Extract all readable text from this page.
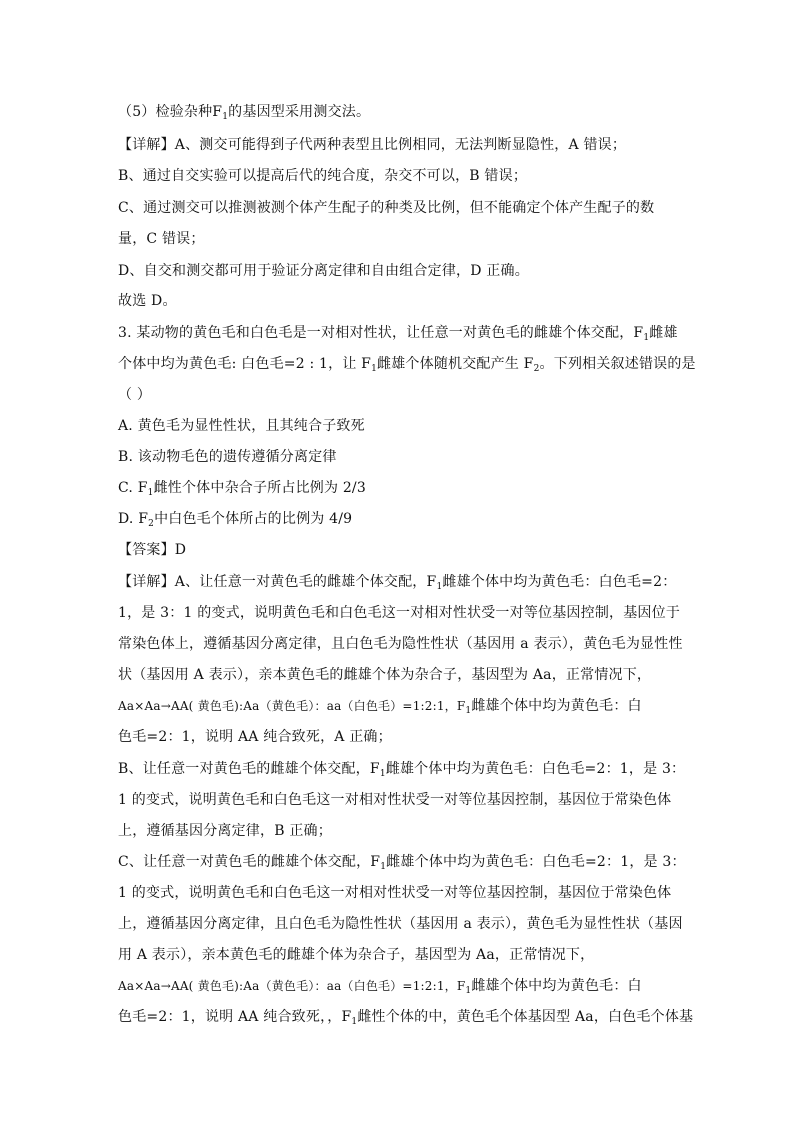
（5）检验杂种$F_1$的基因型采用测交法。
【详解】A、测交可能得到子代两种表型且比例相同，无法判断显隐性，A 错误；
B、通过自交实验可以提高后代的纯合度，杂交不可以，B 错误；
C、通过测交可以推测被测个体产生配子的种类及比例，但不能确定个体产生配子的数
量，C 错误；
D、自交和测交都可用于验证分离定律和自由组合定律，D 正确。
故选 D。
3. 某动物的黄色毛和白色毛是一对相对性状，让任意一对黄色毛的雌雄个体交配，$F_1$雌雄
个体中均为黄色毛: 白色毛=2 : 1，让 $F_1$雌雄个体随机交配产生 $F_2$。下列相关叙述错误的是
（ ）
A. 黄色毛为显性性状，且其纯合子致死
B. 该动物毛色的遗传遵循分离定律
C. $F_1$雌性个体中杂合子所占比例为 2/3
D. $F_2$中白色毛个体所占的比例为 4/9
【答案】D
【详解】A、让任意一对黄色毛的雌雄个体交配，$F_1$雌雄个体中均为黄色毛：白色毛=2：
1，是 3：1 的变式，说明黄色毛和白色毛这一对相对性状受一对等位基因控制，基因位于
常染色体上，遵循基因分离定律，且白色毛为隐性性状（基因用 a 表示），黄色毛为显性性
状（基因用 A 表示），亲本黄色毛的雌雄个体为杂合子，基因型为 Aa，正常情况下，
Aa×Aa→AA( 黄色毛):Aa（黄色毛）：aa（白色毛）=1:2:1，$F_1$雌雄个体中均为黄色毛：白
色毛=2：1，说明 AA 纯合致死，A 正确；
B、让任意一对黄色毛的雌雄个体交配，$F_1$雌雄个体中均为黄色毛：白色毛=2：1，是 3：
1 的变式，说明黄色毛和白色毛这一对相对性状受一对等位基因控制，基因位于常染色体
上，遵循基因分离定律，B 正确；
C、让任意一对黄色毛的雌雄个体交配，$F_1$雌雄个体中均为黄色毛：白色毛=2：1，是 3：
1 的变式，说明黄色毛和白色毛这一对相对性状受一对等位基因控制，基因位于常染色体
上，遵循基因分离定律，且白色毛为隐性性状（基因用 a 表示），黄色毛为显性性状（基因
用 A 表示），亲本黄色毛的雌雄个体为杂合子，基因型为 Aa，正常情况下，
Aa×Aa→AA( 黄色毛):Aa（黄色毛）：aa（白色毛）=1:2:1，$F_1$雌雄个体中均为黄色毛：白
色毛=2：1，说明 AA 纯合致死，，$F_1$雌性个体的中，黄色毛个体基因型 Aa，白色毛个体基
